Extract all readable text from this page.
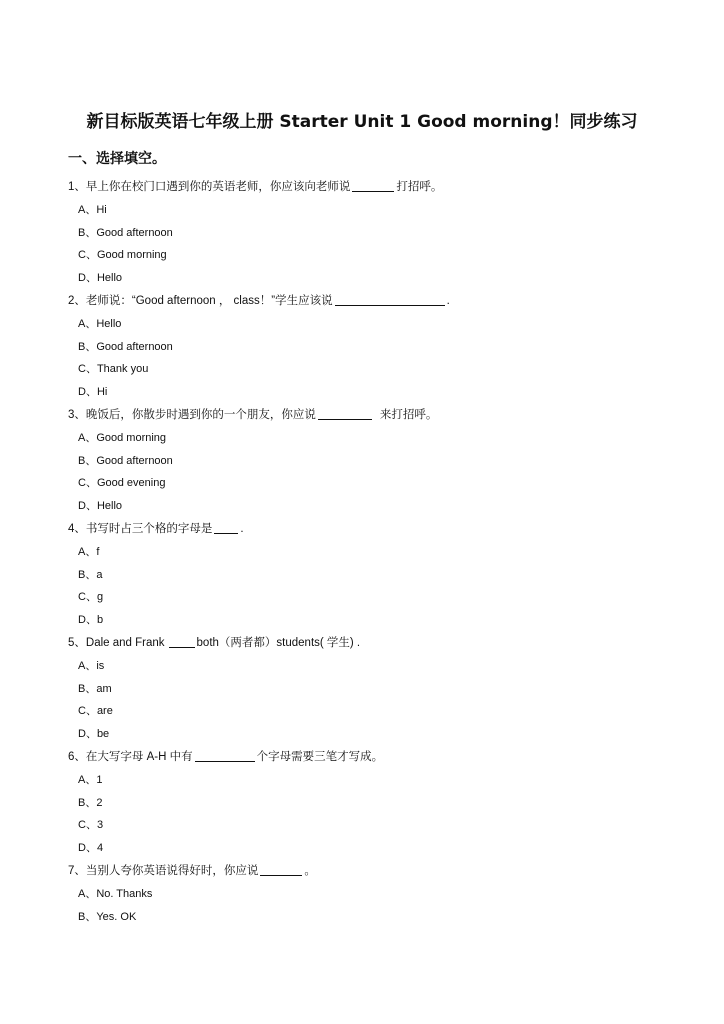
新目标版英语七年级上册 Starter Unit 1 Good morning！同步练习
一、选择填空。
1、早上你在校门口遇到你的英语老师，你应该向老师说	打招呼。
A、Hi
B、Good afternoon
C、Good morning
D、Hello
2、老师说：“Good afternoon ， class！”学生应该说	.
A、Hello
B、Good afternoon
C、Thank you
D、Hi
3、晚饭后，你散步时遇到你的一个朋友，你应说	来打招呼。
A、Good morning
B、Good afternoon
C、Good evening
D、Hello
4、书写时占三个格的字母是 .
A、f
B、a
C、g
D、b
5、Dale and Frank	both（两者都）students( 学生) .
A、is
B、am
C、are
D、be
6、在大写字母 A-H 中有	个字母需要三笔才写成。
A、1
B、2
C、3
D、4
7、当别人夸你英语说得好时，你应说	。
A、No. Thanks
B、Yes. OK
